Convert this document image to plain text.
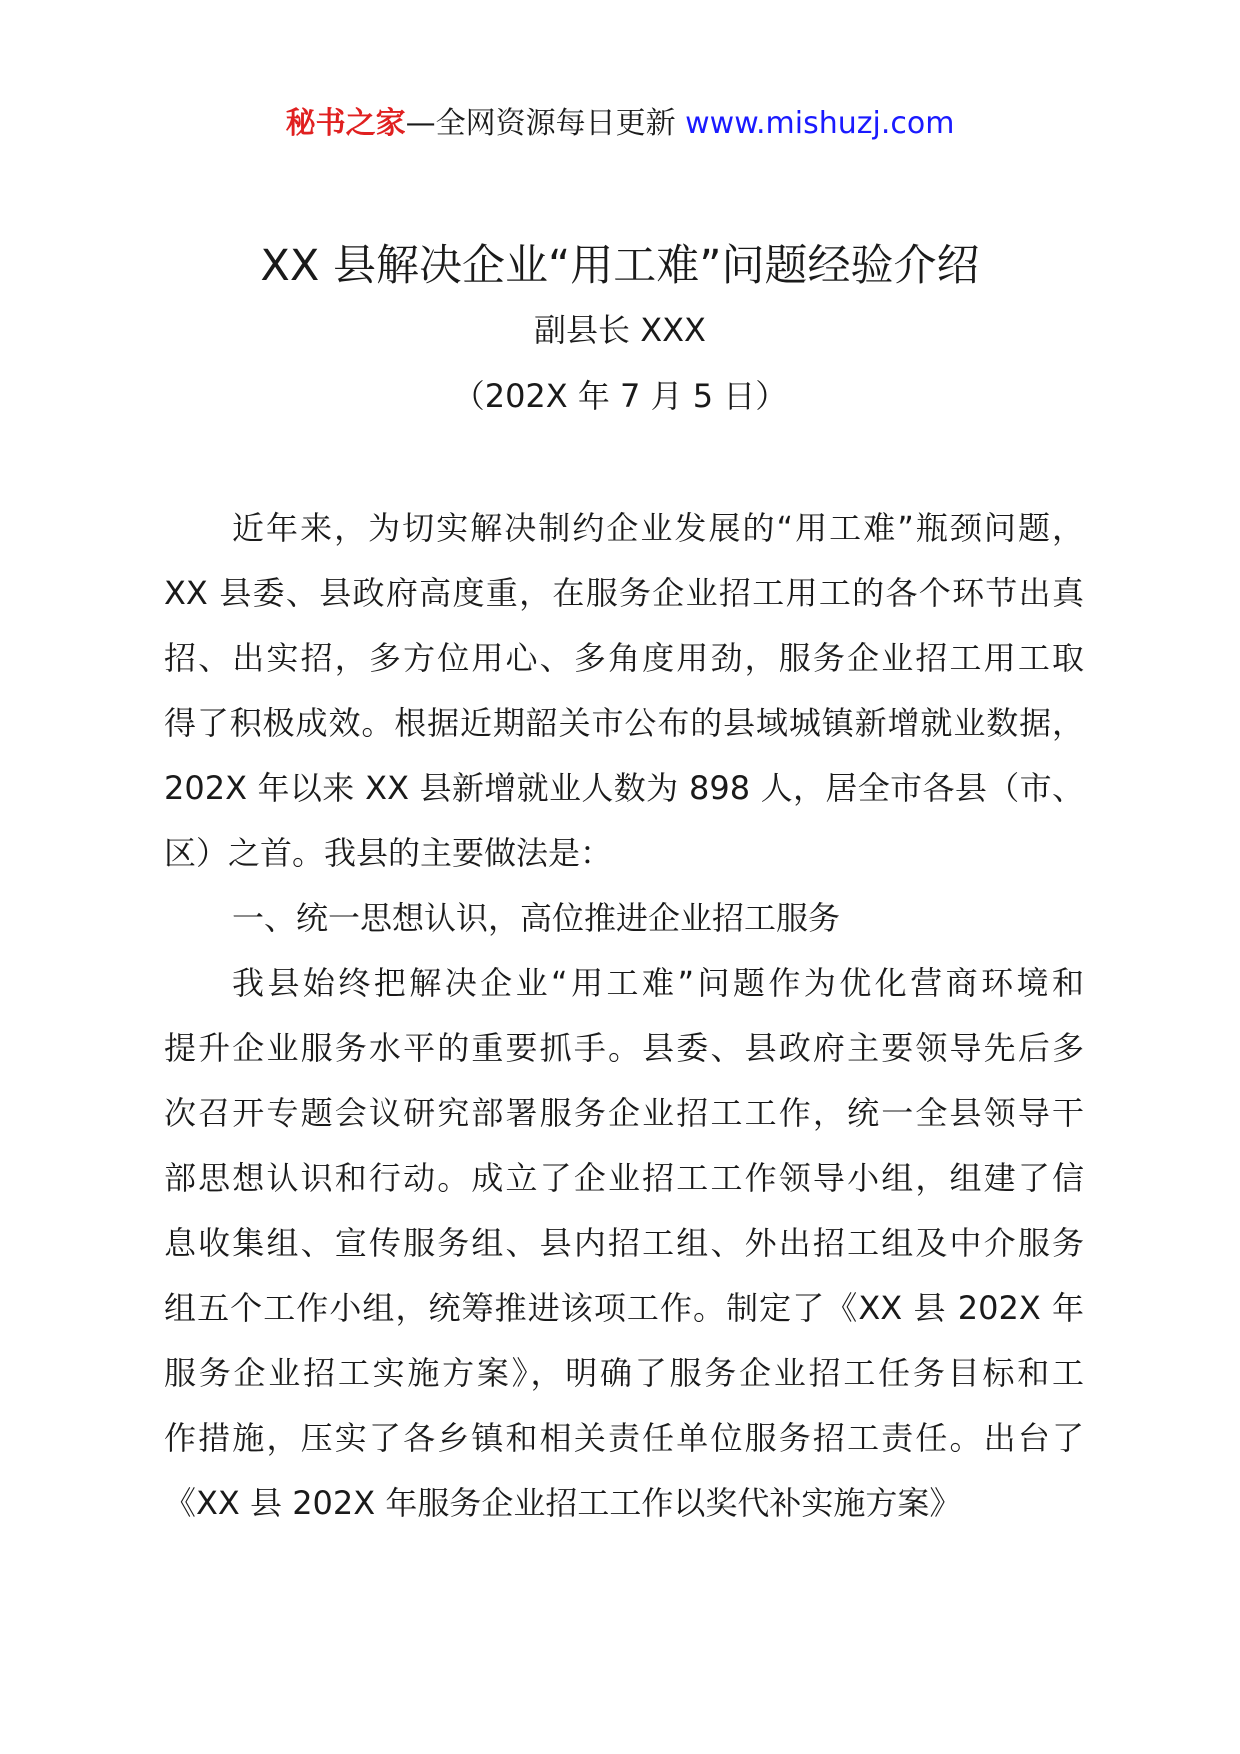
秘书之家—全网资源每日更新 www.mishuzj.com
XX 县解决企业“用工难”问题经验介绍
副县长 XXX
（202X 年 7 月 5 日）
近年来，为切实解决制约企业发展的“用工难”瓶颈问题，
XX 县委、县政府高度重，在服务企业招工用工的各个环节出真
招、出实招，多方位用心、多角度用劲，服务企业招工用工取
得了积极成效。根据近期韶关市公布的县域城镇新增就业数据，
202X 年以来 XX 县新增就业人数为 898 人，居全市各县（市、
区）之首。我县的主要做法是：
一、统一思想认识，高位推进企业招工服务
我县始终把解决企业“用工难”问题作为优化营商环境和
提升企业服务水平的重要抓手。县委、县政府主要领导先后多
次召开专题会议研究部署服务企业招工工作，统一全县领导干
部思想认识和行动。成立了企业招工工作领导小组，组建了信
息收集组、宣传服务组、县内招工组、外出招工组及中介服务
组五个工作小组，统筹推进该项工作。制定了《XX 县 202X 年
服务企业招工实施方案》，明确了服务企业招工任务目标和工
作措施，压实了各乡镇和相关责任单位服务招工责任。出台了
《XX 县 202X 年服务企业招工工作以奖代补实施方案》
